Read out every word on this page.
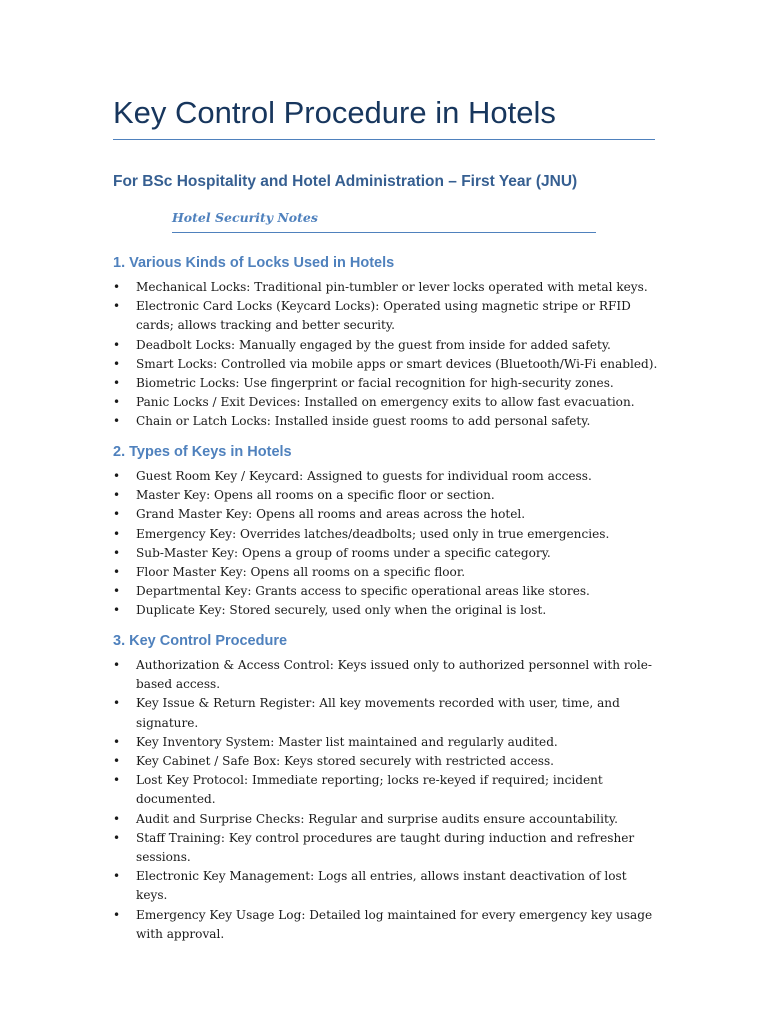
Key Control Procedure in Hotels

For BSc Hospitality and Hotel Administration – First Year (JNU)

Hotel Security Notes

1. Various Kinds of Locks Used in Hotels
• Mechanical Locks: Traditional pin-tumbler or lever locks operated with metal keys.
• Electronic Card Locks (Keycard Locks): Operated using magnetic stripe or RFID cards; allows tracking and better security.
• Deadbolt Locks: Manually engaged by the guest from inside for added safety.
• Smart Locks: Controlled via mobile apps or smart devices (Bluetooth/Wi-Fi enabled).
• Biometric Locks: Use fingerprint or facial recognition for high-security zones.
• Panic Locks / Exit Devices: Installed on emergency exits to allow fast evacuation.
• Chain or Latch Locks: Installed inside guest rooms to add personal safety.
2. Types of Keys in Hotels
• Guest Room Key / Keycard: Assigned to guests for individual room access.
• Master Key: Opens all rooms on a specific floor or section.
• Grand Master Key: Opens all rooms and areas across the hotel.
• Emergency Key: Overrides latches/deadbolts; used only in true emergencies.
• Sub-Master Key: Opens a group of rooms under a specific category.
• Floor Master Key: Opens all rooms on a specific floor.
• Departmental Key: Grants access to specific operational areas like stores.
• Duplicate Key: Stored securely, used only when the original is lost.
3. Key Control Procedure
• Authorization & Access Control: Keys issued only to authorized personnel with role-based access.
• Key Issue & Return Register: All key movements recorded with user, time, and signature.
• Key Inventory System: Master list maintained and regularly audited.
• Key Cabinet / Safe Box: Keys stored securely with restricted access.
• Lost Key Protocol: Immediate reporting; locks re-keyed if required; incident documented.
• Audit and Surprise Checks: Regular and surprise audits ensure accountability.
• Staff Training: Key control procedures are taught during induction and refresher sessions.
• Electronic Key Management: Logs all entries, allows instant deactivation of lost keys.
• Emergency Key Usage Log: Detailed log maintained for every emergency key usage with approval.
